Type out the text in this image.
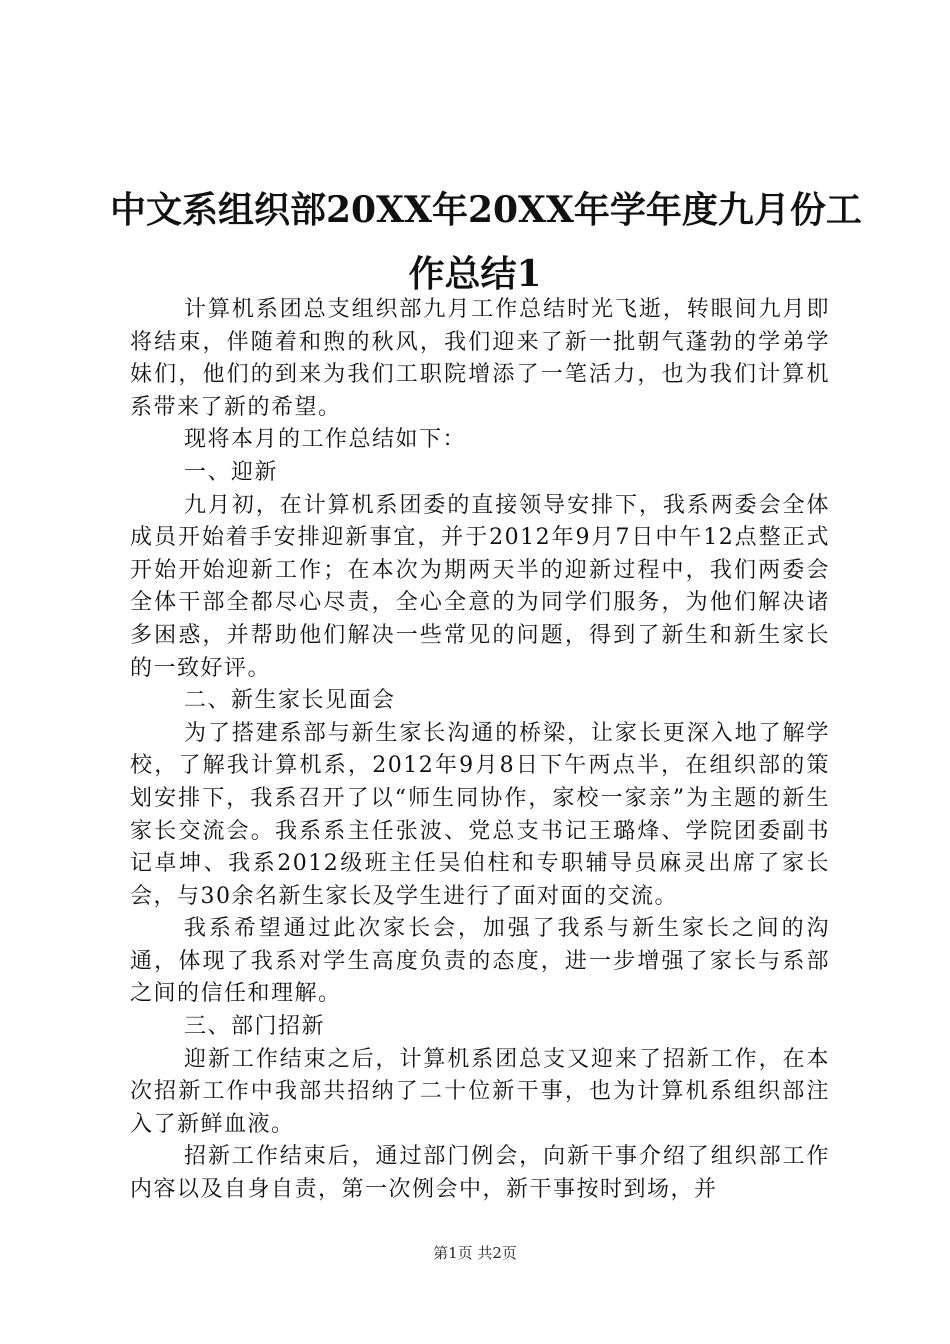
中文系组织部20XX年20XX年学年度九月份工
作总结1

计算机系团总支组织部九月工作总结时光飞逝，转眼间九月即将结束，伴随着和煦的秋风，我们迎来了新一批朝气蓬勃的学弟学妹们，他们的到来为我们工职院增添了一笔活力，也为我们计算机系带来了新的希望。

现将本月的工作总结如下：

一、迎新

九月初，在计算机系团委的直接领导安排下，我系两委会全体成员开始着手安排迎新事宜，并于2012年9月7日中午12点整正式开始开始迎新工作；在本次为期两天半的迎新过程中，我们两委会全体干部全都尽心尽责，全心全意的为同学们服务，为他们解决诸多困惑，并帮助他们解决一些常见的问题，得到了新生和新生家长的一致好评。

二、新生家长见面会

为了搭建系部与新生家长沟通的桥梁，让家长更深入地了解学校，了解我计算机系，2012年9月8日下午两点半，在组织部的策划安排下，我系召开了以“师生同协作，家校一家亲”为主题的新生家长交流会。我系系主任张波、党总支书记王璐烽、学院团委副书记卓坤、我系2012级班主任吴伯柱和专职辅导员麻灵出席了家长会，与30余名新生家长及学生进行了面对面的交流。

我系希望通过此次家长会，加强了我系与新生家长之间的沟通，体现了我系对学生高度负责的态度，进一步增强了家长与系部之间的信任和理解。

三、部门招新

迎新工作结束之后，计算机系团总支又迎来了招新工作，在本次招新工作中我部共招纳了二十位新干事，也为计算机系组织部注入了新鲜血液。

招新工作结束后，通过部门例会，向新干事介绍了组织部工作内容以及自身自责，第一次例会中，新干事按时到场，并

第1页 共2页
